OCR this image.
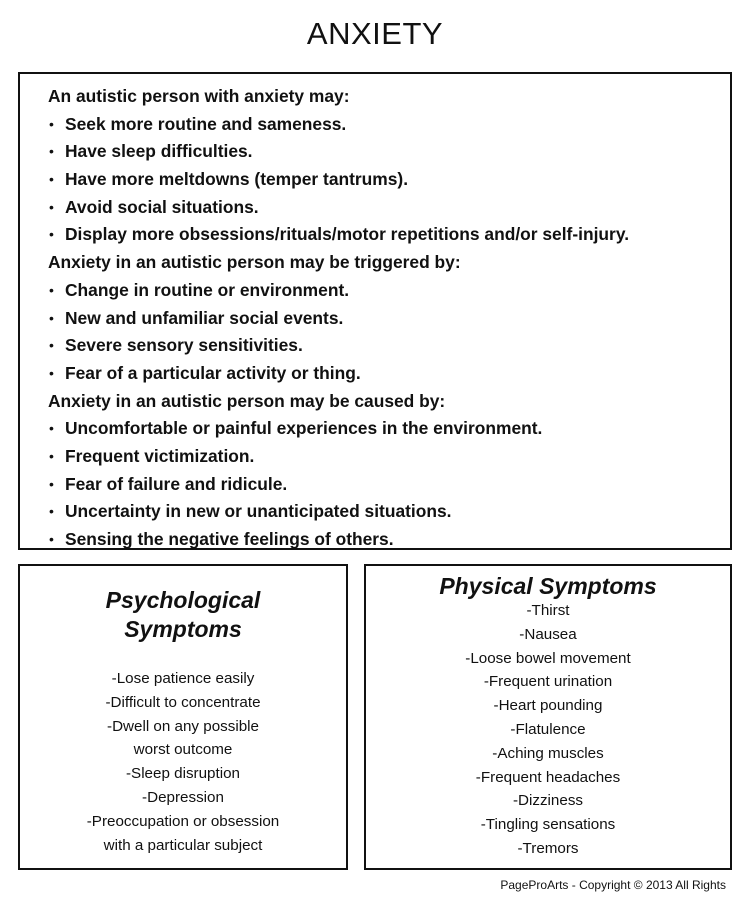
ANXIETY
An autistic person with anxiety may:
• Seek more routine and sameness.
• Have sleep difficulties.
• Have more meltdowns (temper tantrums).
• Avoid social situations.
• Display more obsessions/rituals/motor repetitions and/or self-injury.
Anxiety in an autistic person may be triggered by:
• Change in routine or environment.
• New and unfamiliar social events.
• Severe sensory sensitivities.
• Fear of a particular activity or thing.
Anxiety in an autistic person may be caused by:
• Uncomfortable or painful experiences in the environment.
• Frequent victimization.
• Fear of failure and ridicule.
• Uncertainty in new or unanticipated situations.
• Sensing the negative feelings of others.
Psychological
Symptoms
-Lose patience easily
-Difficult to concentrate
-Dwell on any possible
worst outcome
-Sleep disruption
-Depression
-Preoccupation or obsession
with a particular subject
Physical Symptoms
-Thirst
-Nausea
-Loose bowel movement
-Frequent urination
-Heart pounding
-Flatulence
-Aching muscles
-Frequent headaches
-Dizziness
-Tingling sensations
-Tremors
PageProArts - Copyright © 2013 All Rights
